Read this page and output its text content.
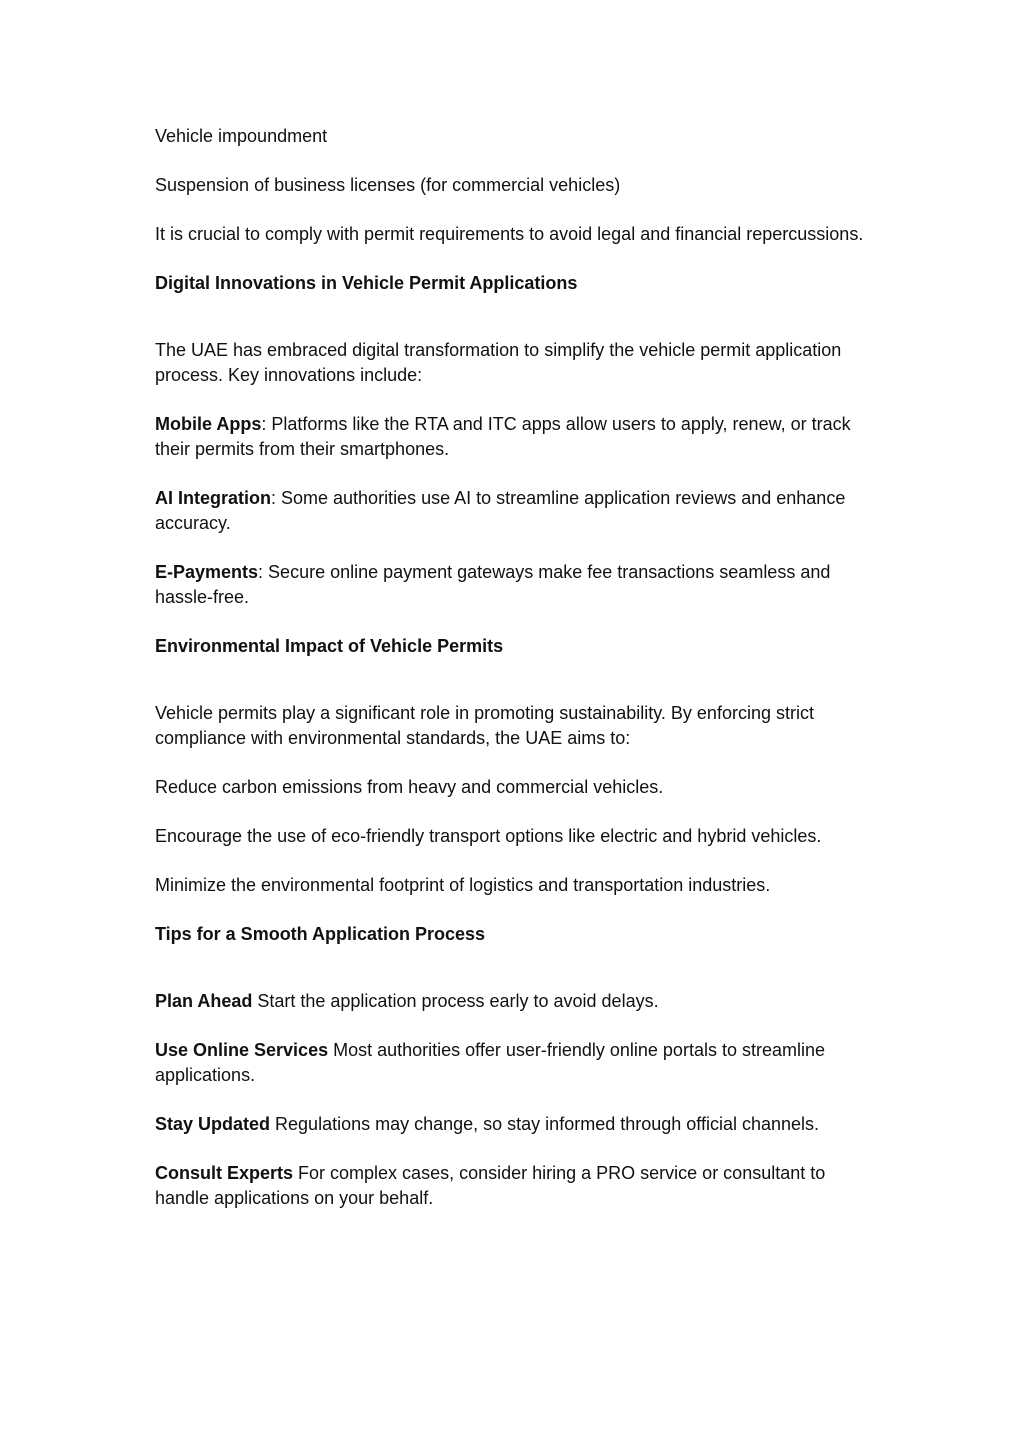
Vehicle impoundment

Suspension of business licenses (for commercial vehicles)

It is crucial to comply with permit requirements to avoid legal and financial repercussions.

Digital Innovations in Vehicle Permit Applications

The UAE has embraced digital transformation to simplify the vehicle permit application process. Key innovations include:

Mobile Apps: Platforms like the RTA and ITC apps allow users to apply, renew, or track their permits from their smartphones.

AI Integration: Some authorities use AI to streamline application reviews and enhance accuracy.

E-Payments: Secure online payment gateways make fee transactions seamless and hassle-free.

Environmental Impact of Vehicle Permits

Vehicle permits play a significant role in promoting sustainability. By enforcing strict compliance with environmental standards, the UAE aims to:

Reduce carbon emissions from heavy and commercial vehicles.

Encourage the use of eco-friendly transport options like electric and hybrid vehicles.

Minimize the environmental footprint of logistics and transportation industries.

Tips for a Smooth Application Process

Plan Ahead Start the application process early to avoid delays.

Use Online Services Most authorities offer user-friendly online portals to streamline applications.

Stay Updated Regulations may change, so stay informed through official channels.

Consult Experts For complex cases, consider hiring a PRO service or consultant to handle applications on your behalf.
